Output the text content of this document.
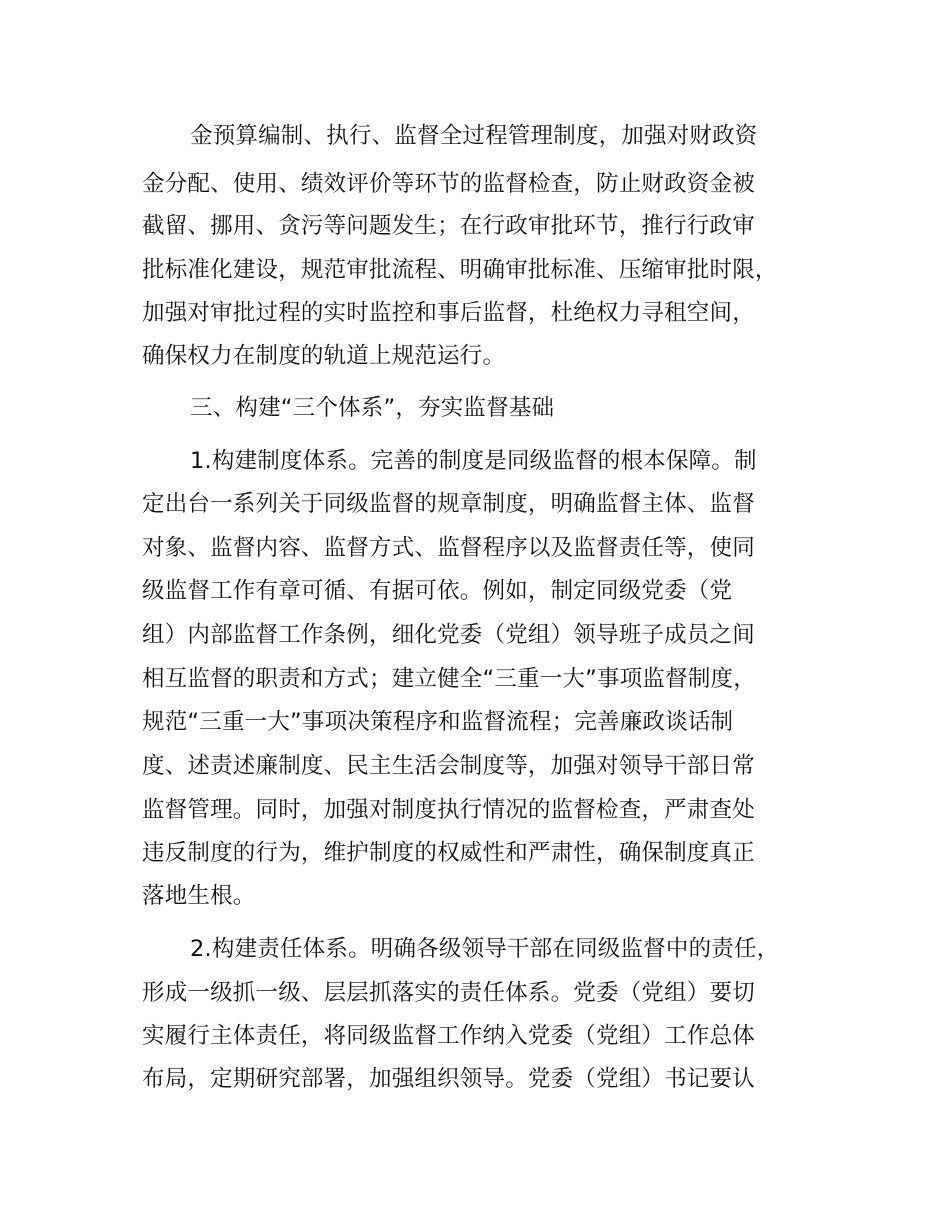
金预算编制、执行、监督全过程管理制度，加强对财政资
金分配、使用、绩效评价等环节的监督检查，防止财政资金被
截留、挪用、贪污等问题发生；在行政审批环节，推行行政审
批标准化建设，规范审批流程、明确审批标准、压缩审批时限，
加强对审批过程的实时监控和事后监督，杜绝权力寻租空间，
确保权力在制度的轨道上规范运行。
三、构建“三个体系”，夯实监督基础
1.构建制度体系。完善的制度是同级监督的根本保障。制
定出台一系列关于同级监督的规章制度，明确监督主体、监督
对象、监督内容、监督方式、监督程序以及监督责任等，使同
级监督工作有章可循、有据可依。例如，制定同级党委（党
组）内部监督工作条例，细化党委（党组）领导班子成员之间
相互监督的职责和方式；建立健全“三重一大”事项监督制度，
规范“三重一大”事项决策程序和监督流程；完善廉政谈话制
度、述责述廉制度、民主生活会制度等，加强对领导干部日常
监督管理。同时，加强对制度执行情况的监督检查，严肃查处
违反制度的行为，维护制度的权威性和严肃性，确保制度真正
落地生根。
2.构建责任体系。明确各级领导干部在同级监督中的责任，
形成一级抓一级、层层抓落实的责任体系。党委（党组）要切
实履行主体责任，将同级监督工作纳入党委（党组）工作总体
布局，定期研究部署，加强组织领导。党委（党组）书记要认
